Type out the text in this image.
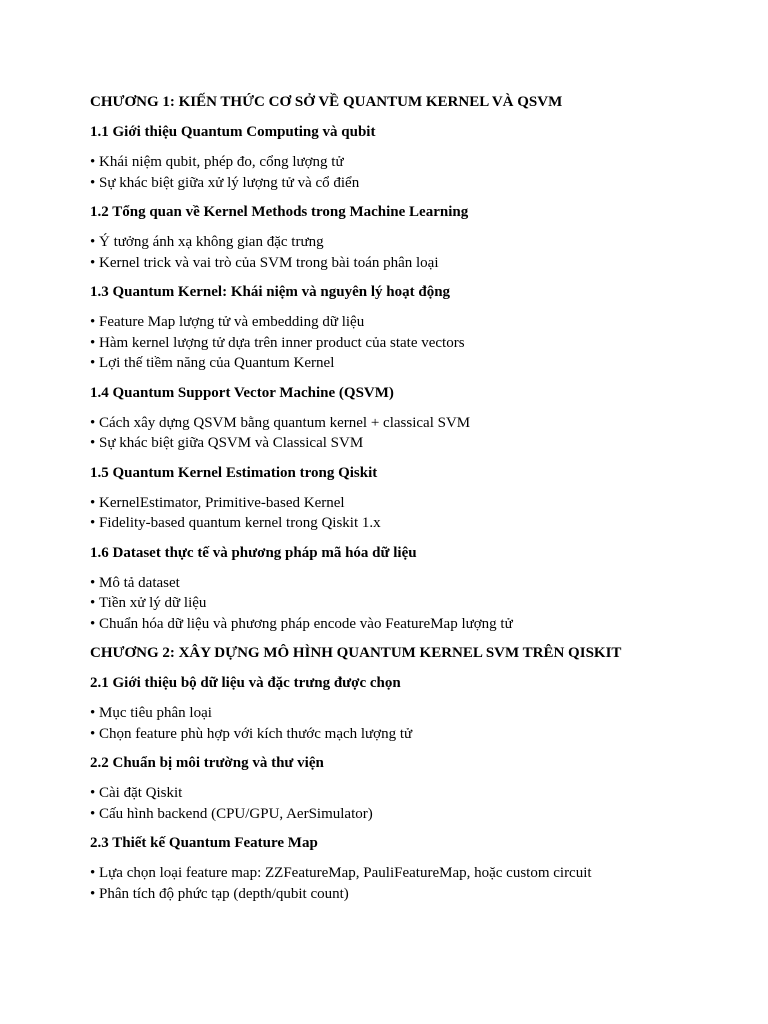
CHƯƠNG 1: KIẾN THỨC CƠ SỞ VỀ QUANTUM KERNEL VÀ QSVM
1.1 Giới thiệu Quantum Computing và qubit
• Khái niệm qubit, phép đo, cổng lượng tử
• Sự khác biệt giữa xử lý lượng tử và cổ điển
1.2 Tổng quan về Kernel Methods trong Machine Learning
• Ý tưởng ánh xạ không gian đặc trưng
• Kernel trick và vai trò của SVM trong bài toán phân loại
1.3 Quantum Kernel: Khái niệm và nguyên lý hoạt động
• Feature Map lượng tử và embedding dữ liệu
• Hàm kernel lượng tử dựa trên inner product của state vectors
• Lợi thế tiềm năng của Quantum Kernel
1.4 Quantum Support Vector Machine (QSVM)
• Cách xây dựng QSVM bằng quantum kernel + classical SVM
• Sự khác biệt giữa QSVM và Classical SVM
1.5 Quantum Kernel Estimation trong Qiskit
• KernelEstimator, Primitive-based Kernel
• Fidelity-based quantum kernel trong Qiskit 1.x
1.6 Dataset thực tế và phương pháp mã hóa dữ liệu
• Mô tả dataset
• Tiền xử lý dữ liệu
• Chuẩn hóa dữ liệu và phương pháp encode vào FeatureMap lượng tử
CHƯƠNG 2: XÂY DỰNG MÔ HÌNH QUANTUM KERNEL SVM TRÊN QISKIT
2.1 Giới thiệu bộ dữ liệu và đặc trưng được chọn
• Mục tiêu phân loại
• Chọn feature phù hợp với kích thước mạch lượng tử
2.2 Chuẩn bị môi trường và thư viện
• Cài đặt Qiskit
• Cấu hình backend (CPU/GPU, AerSimulator)
2.3 Thiết kế Quantum Feature Map
• Lựa chọn loại feature map: ZZFeatureMap, PauliFeatureMap, hoặc custom circuit
• Phân tích độ phức tạp (depth/qubit count)
